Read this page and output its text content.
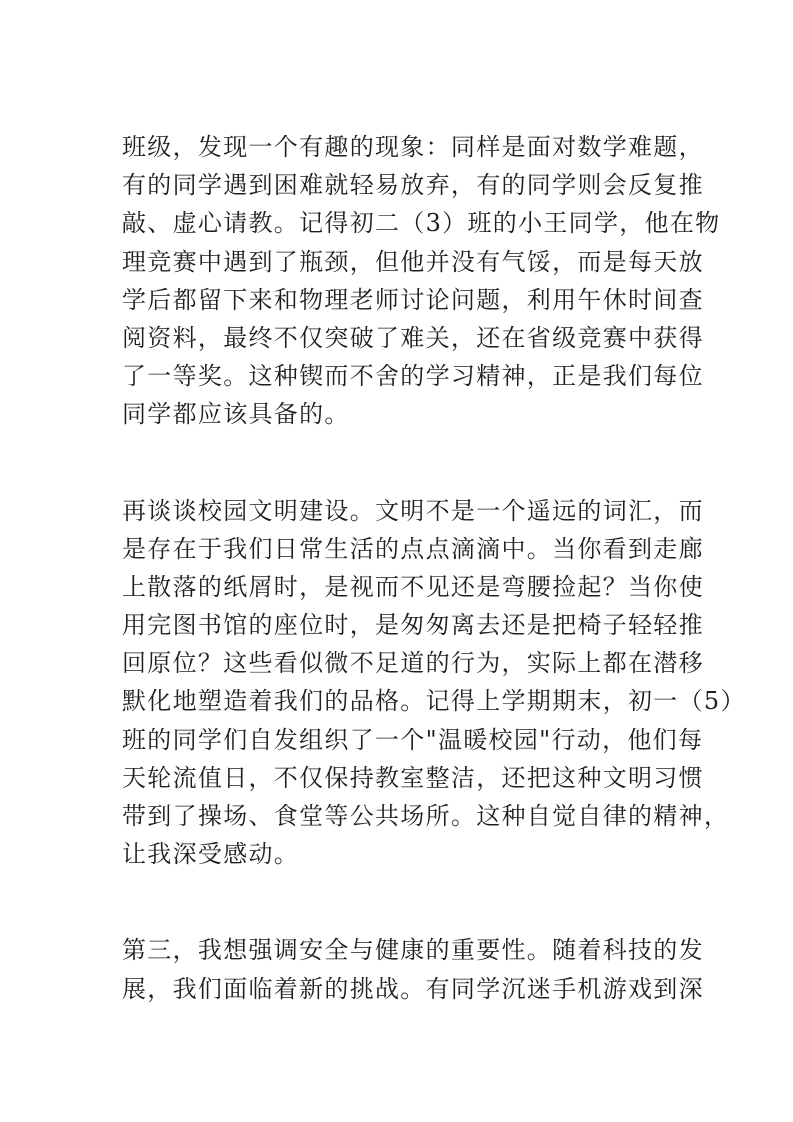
班级，发现一个有趣的现象：同样是面对数学难题，
有的同学遇到困难就轻易放弃，有的同学则会反复推
敲、虚心请教。记得初二（3）班的小王同学，他在物
理竞赛中遇到了瓶颈，但他并没有气馁，而是每天放
学后都留下来和物理老师讨论问题，利用午休时间查
阅资料，最终不仅突破了难关，还在省级竞赛中获得
了一等奖。这种锲而不舍的学习精神，正是我们每位
同学都应该具备的。

再谈谈校园文明建设。文明不是一个遥远的词汇，而
是存在于我们日常生活的点点滴滴中。当你看到走廊
上散落的纸屑时，是视而不见还是弯腰捡起？当你使
用完图书馆的座位时，是匆匆离去还是把椅子轻轻推
回原位？这些看似微不足道的行为，实际上都在潜移
默化地塑造着我们的品格。记得上学期期末，初一（5）
班的同学们自发组织了一个"温暖校园"行动，他们每
天轮流值日，不仅保持教室整洁，还把这种文明习惯
带到了操场、食堂等公共场所。这种自觉自律的精神，
让我深受感动。

第三，我想强调安全与健康的重要性。随着科技的发
展，我们面临着新的挑战。有同学沉迷手机游戏到深
